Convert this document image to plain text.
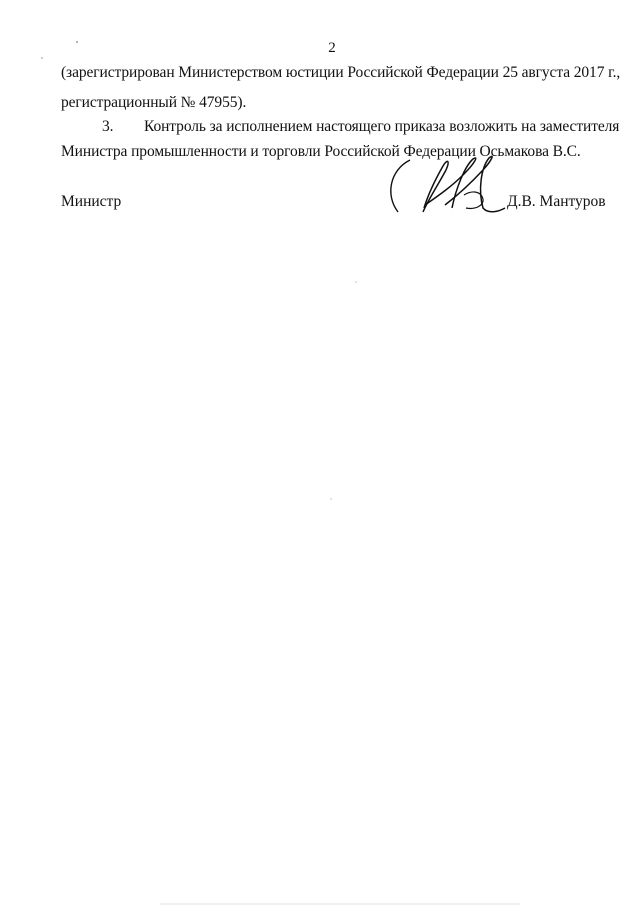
2
(зарегистрирован Министерством юстиции Российской Федерации 25 августа 2017 г.,
регистрационный № 47955).
3.	Контроль за исполнением настоящего приказа возложить на заместителя
Министра промышленности и торговли Российской Федерации Осьмакова В.С.
Министр	Д.В. Мантуров
